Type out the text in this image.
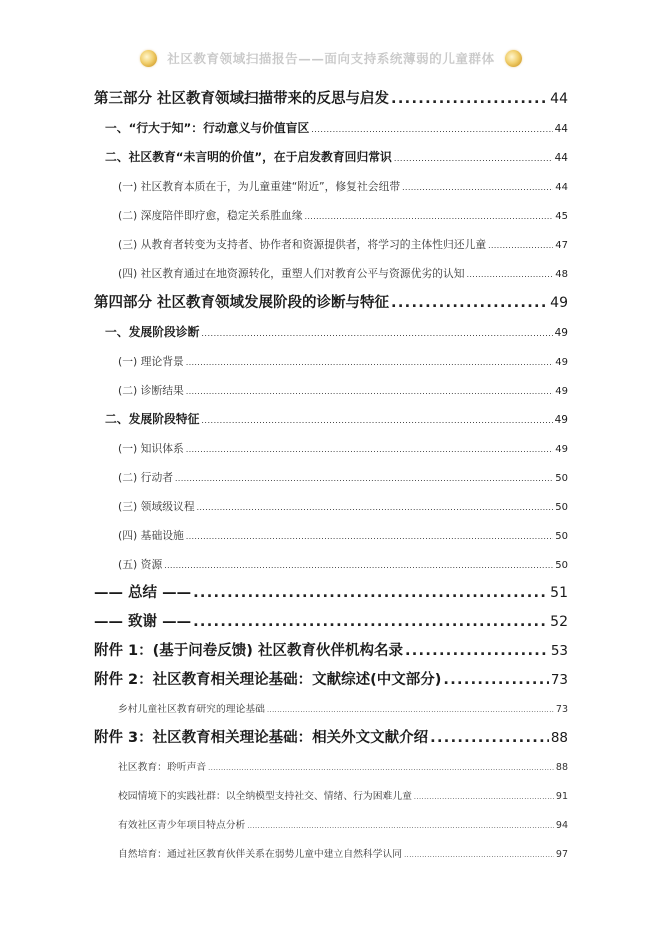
社区教育领域扫描报告——面向支持系统薄弱的儿童群体
第三部分 社区教育领域扫描带来的反思与启发 .....	44
一、“行大于知”：行动意义与价值盲区 .....	44
二、社区教育“未言明的价值”，在于启发教育回归常识 .....	44
(一) 社区教育本质在于，为儿童重建“附近”，修复社会纽带 .....	44
(二) 深度陪伴即疗愈，稳定关系胜血缘 .....	45
(三) 从教育者转变为支持者、协作者和资源提供者，将学习的主体性归还儿童 .....	47
(四) 社区教育通过在地资源转化，重塑人们对教育公平与资源优劣的认知 .....	48
第四部分 社区教育领域发展阶段的诊断与特征 .....	49
一、发展阶段诊断 .....	49
(一) 理论背景 .....	49
(二) 诊断结果 .....	49
二、发展阶段特征 .....	49
(一) 知识体系 .....	49
(二) 行动者 .....	50
(三) 领域级议程 .....	50
(四) 基础设施 .....	50
(五) 资源 .....	50
—— 总结 —— .....	51
—— 致谢 —— .....	52
附件 1：(基于问卷反馈) 社区教育伙伴机构名录 .....	53
附件 2：社区教育相关理论基础：文献综述(中文部分) .....	73
乡村儿童社区教育研究的理论基础 .....	73
附件 3：社区教育相关理论基础：相关外文文献介绍 .....	88
社区教育：聆听声音 .....	88
校园情境下的实践社群：以全纳模型支持社交、情绪、行为困难儿童 .....	91
有效社区青少年项目特点分析 .....	94
自然培育：通过社区教育伙伴关系在弱势儿童中建立自然科学认同 .....	97
